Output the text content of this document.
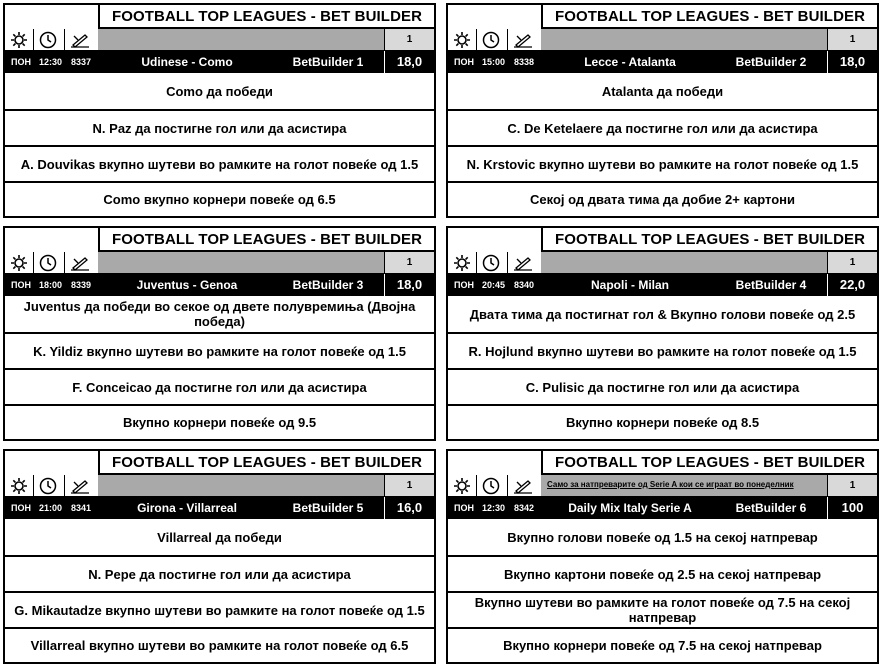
FOOTBALL TOP LEAGUES - BET BUILDER
1
ПОН 12:30 8337	Udinese - Como	BetBuilder 1	18,0
Como да победи
N. Paz да постигне гол или да асистира
A. Douvikas вкупно шутеви во рамките на голот повеќе од 1.5
Como вкупно корнери повеќе од 6.5
FOOTBALL TOP LEAGUES - BET BUILDER
1
ПОН 15:00 8338	Lecce - Atalanta	BetBuilder 2	18,0
Atalanta да победи
C. De Ketelaere да постигне гол или да асистира
N. Krstovic вкупно шутеви во рамките на голот повеќе од 1.5
Секој од двата тима да добие 2+ картони
FOOTBALL TOP LEAGUES - BET BUILDER
1
ПОН 18:00 8339	Juventus - Genoa	BetBuilder 3	18,0
Juventus да победи во секое од двете полувремиња (Двојна победа)
K. Yildiz вкупно шутеви во рамките на голот повеќе од 1.5
F. Conceicao да постигне гол или да асистира
Вкупно корнери повеќе од 9.5
FOOTBALL TOP LEAGUES - BET BUILDER
1
ПОН 20:45 8340	Napoli - Milan	BetBuilder 4	22,0
Двата тима да постигнат гол & Вкупно голови повеќе од 2.5
R. Hojlund вкупно шутеви во рамките на голот повеќе од 1.5
C. Pulisic да постигне гол или да асистира
Вкупно корнери повеќе од 8.5
FOOTBALL TOP LEAGUES - BET BUILDER
1
ПОН 21:00 8341	Girona - Villarreal	BetBuilder 5	16,0
Villarreal да победи
N. Pepe да постигне гол или да асистира
G. Mikautadze вкупно шутеви во рамките на голот повеќе од 1.5
Villarreal вкупно шутеви во рамките на голот повеќе од 6.5
FOOTBALL TOP LEAGUES - BET BUILDER
Само за натпреварите од Serie A кои се играат во понеделник	1
ПОН 12:30 8342	Daily Mix Italy Serie A	BetBuilder 6	100
Вкупно голови повеќе од 1.5 на секој натпревар
Вкупно картони повеќе од 2.5 на секој натпревар
Вкупно шутеви во рамките на голот повеќе од 7.5 на секој натпревар
Вкупно корнери повеќе од 7.5 на секој натпревар
